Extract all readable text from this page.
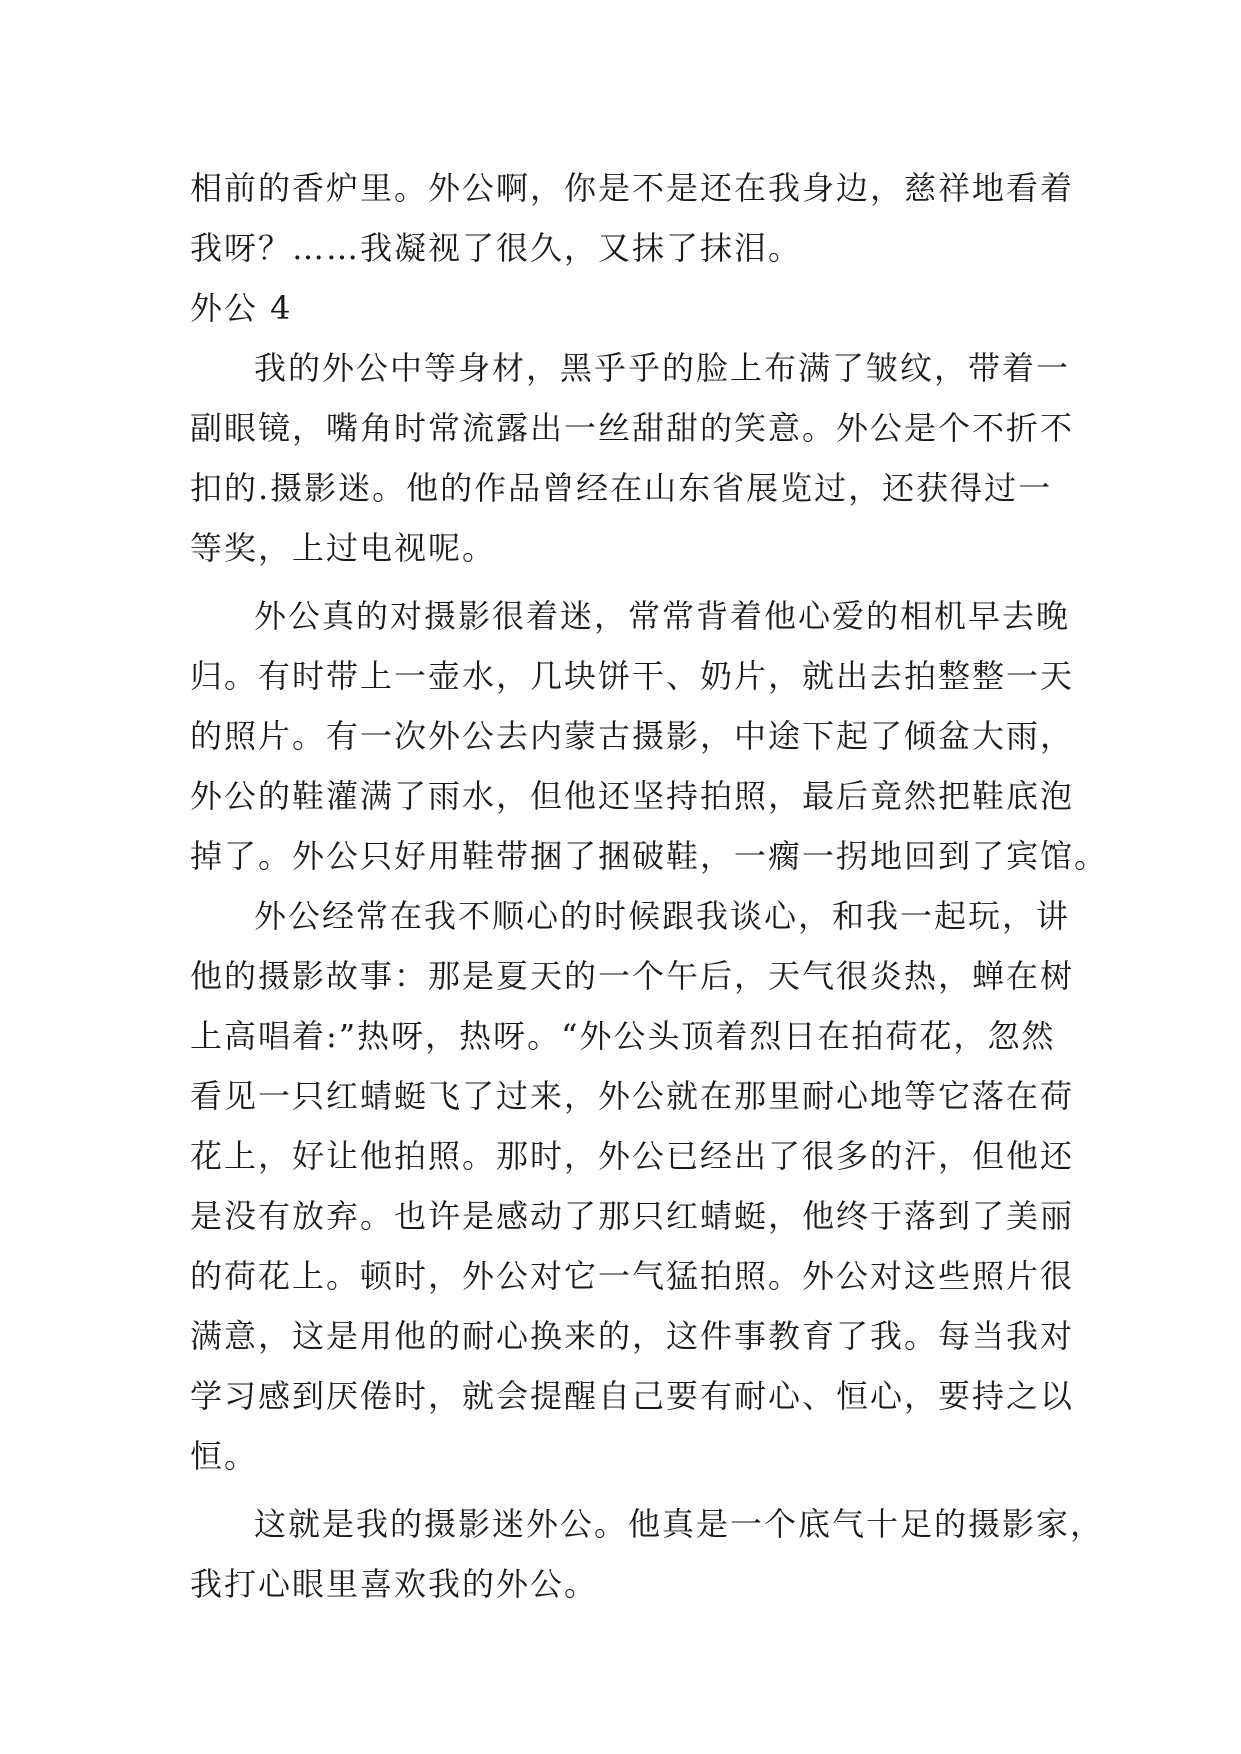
相前的香炉里。外公啊，你是不是还在我身边，慈祥地看着

我呀？……我凝视了很久，又抹了抹泪。

外公 4

我的外公中等身材，黑乎乎的脸上布满了皱纹，带着一

副眼镜，嘴角时常流露出一丝甜甜的笑意。外公是个不折不

扣的.摄影迷。他的作品曾经在山东省展览过，还获得过一

等奖，上过电视呢。

外公真的对摄影很着迷，常常背着他心爱的相机早去晚

归。有时带上一壶水，几块饼干、奶片，就出去拍整整一天

的照片。有一次外公去内蒙古摄影，中途下起了倾盆大雨，

外公的鞋灌满了雨水，但他还坚持拍照，最后竟然把鞋底泡

掉了。外公只好用鞋带捆了捆破鞋，一瘸一拐地回到了宾馆。

外公经常在我不顺心的时候跟我谈心，和我一起玩，讲

他的摄影故事：那是夏天的一个午后，天气很炎热，蝉在树

上高唱着:”热呀，热呀。“外公头顶着烈日在拍荷花，忽然

看见一只红蜻蜓飞了过来，外公就在那里耐心地等它落在荷

花上，好让他拍照。那时，外公已经出了很多的汗，但他还

是没有放弃。也许是感动了那只红蜻蜓，他终于落到了美丽

的荷花上。顿时，外公对它一气猛拍照。外公对这些照片很

满意，这是用他的耐心换来的，这件事教育了我。每当我对

学习感到厌倦时，就会提醒自己要有耐心、恒心，要持之以

恒。

这就是我的摄影迷外公。他真是一个底气十足的摄影家，

我打心眼里喜欢我的外公。
